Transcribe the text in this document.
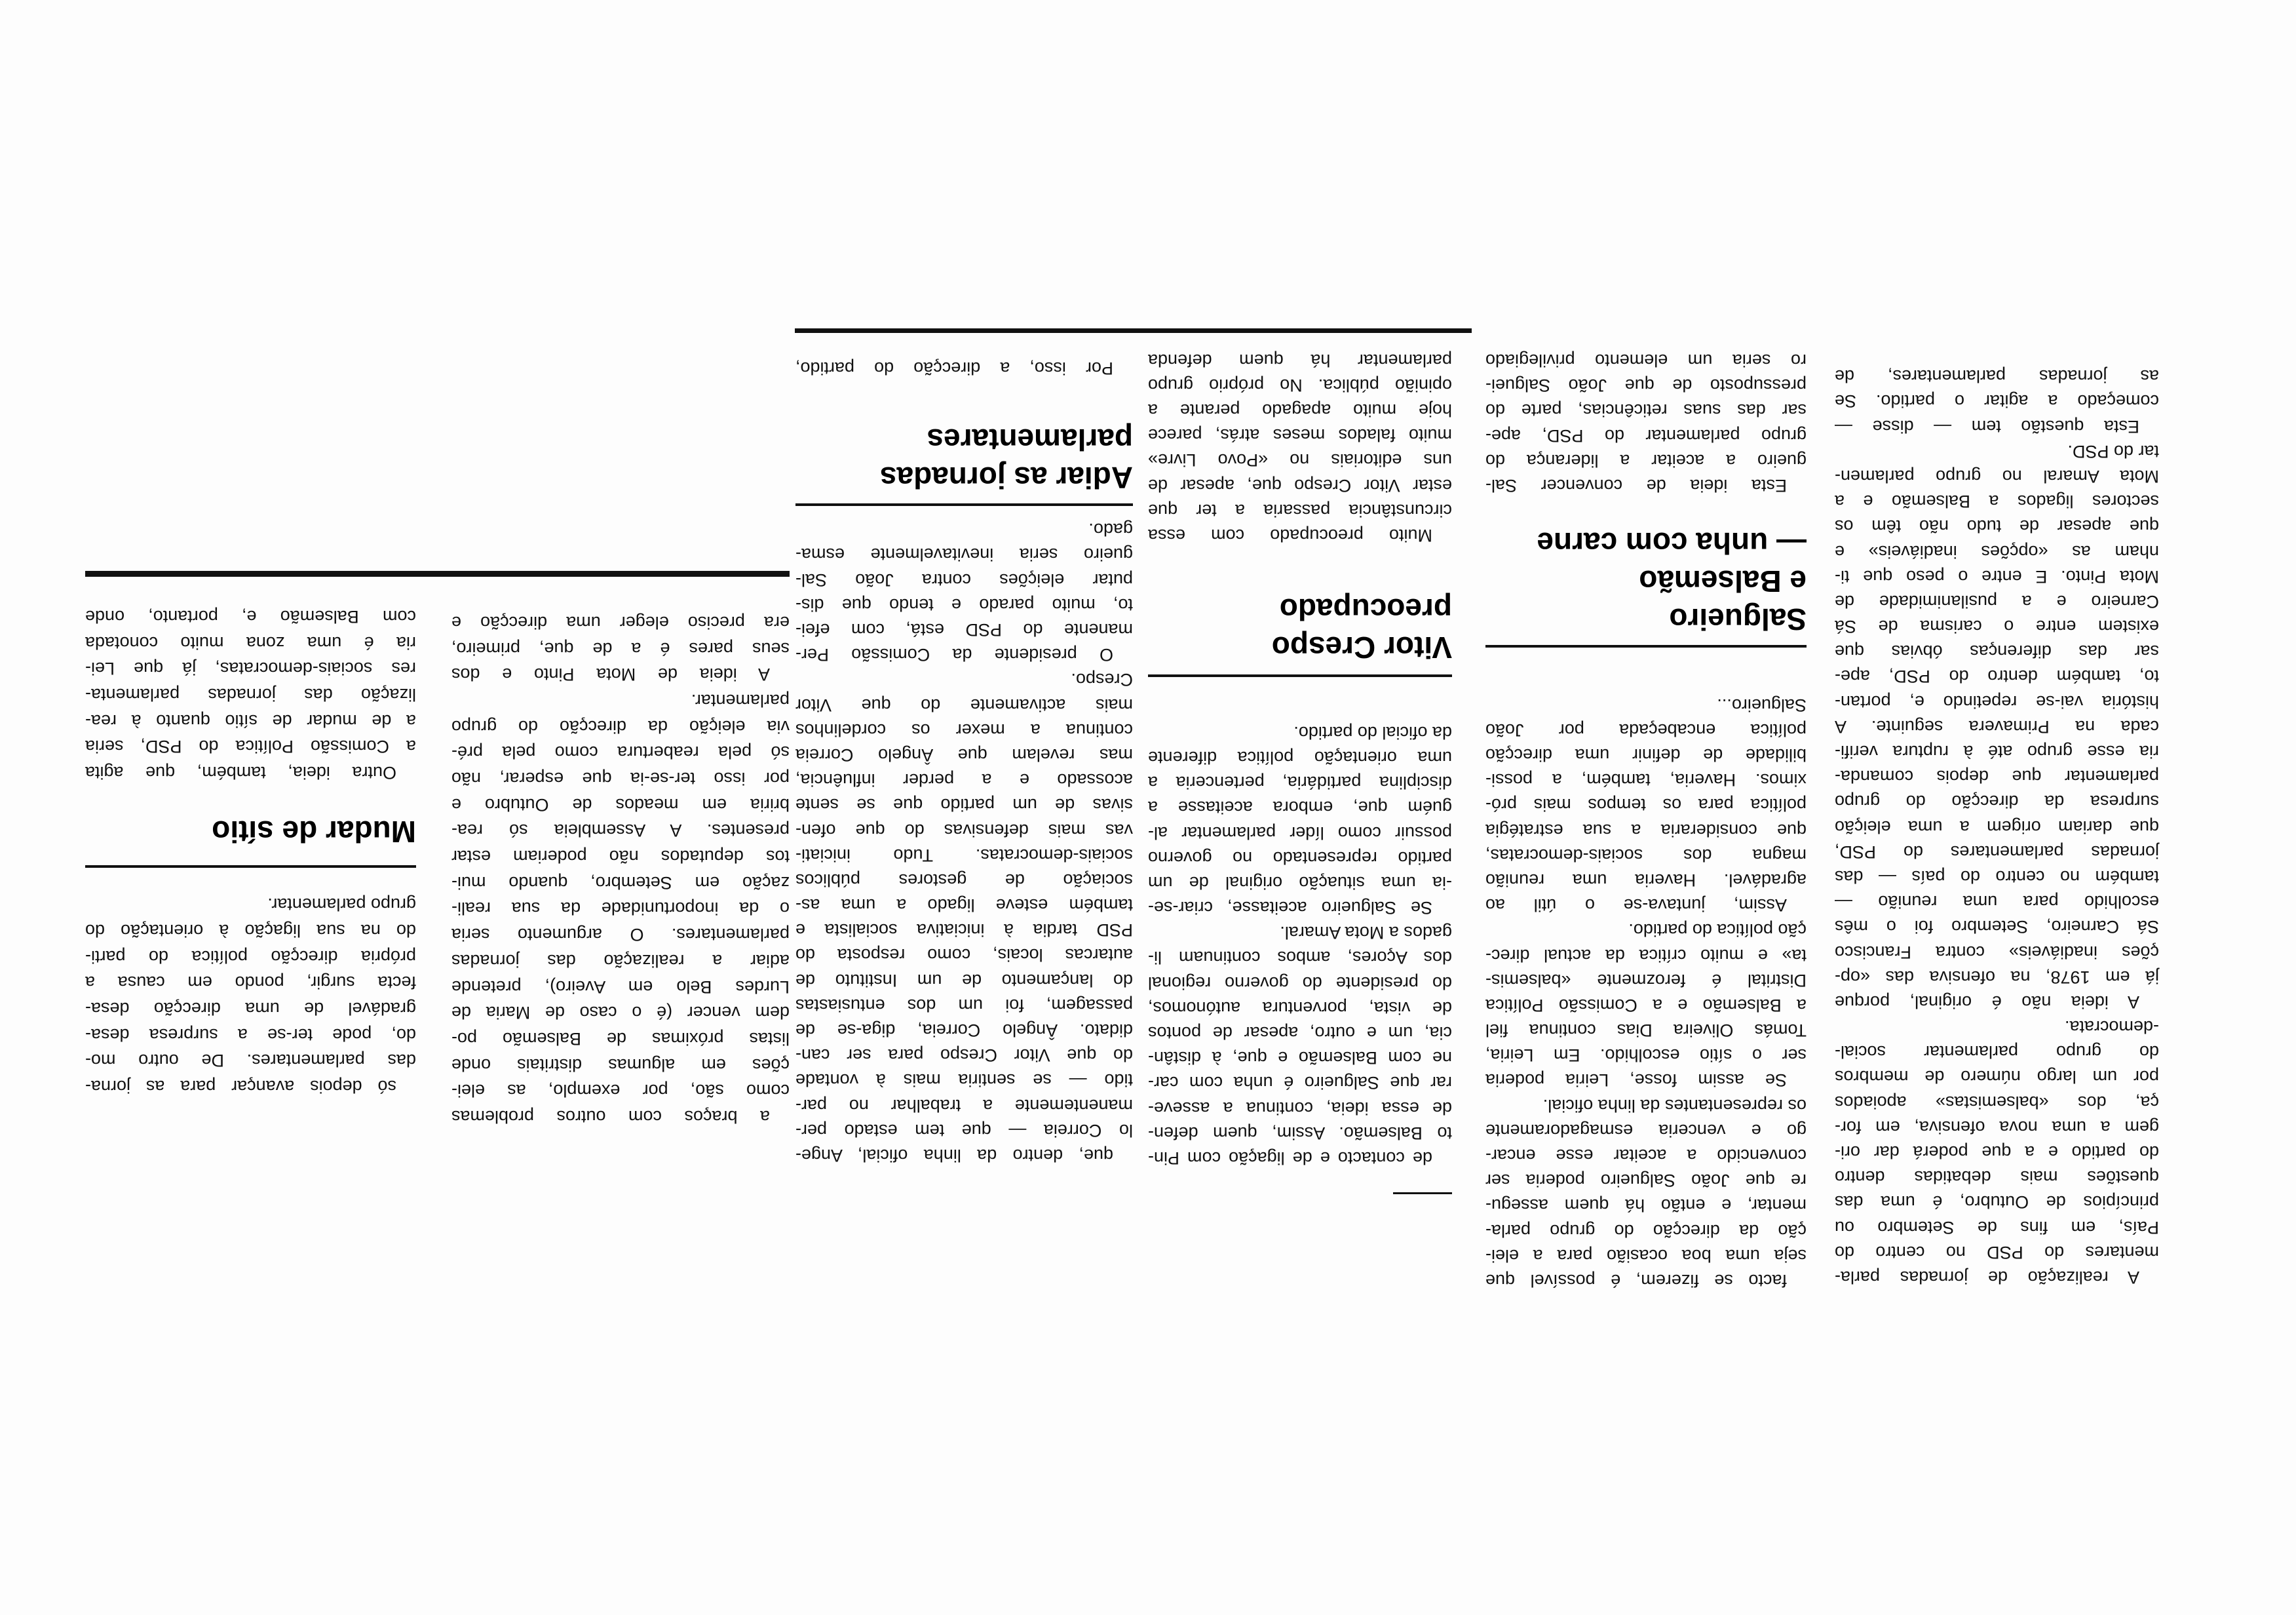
A realização de jornadas parla-
mentares do PSD no centro do
País, em fins de Setembro ou
princípios de Outubro, é uma das
questões mais debatidas dentro
do partido e a que poderá dar ori-
gem a uma nova ofensiva, em for-
ça, dos «balsemistas» apoiados
por um largo número de membros
do grupo parlamentar social-
-democrata.
A ideia não é original, porque
já em 1978, na ofensiva das «op-
ções inadiáveis» contra Francisco
Sá Carneiro, Setembro foi o mês
escolhido para uma reunião —
também no centro do país — das
jornadas parlamentares do PSD,
que dariam origem a uma eleição
surpresa da direcção do grupo
parlamentar que depois comanda-
ria esse grupo até à ruptura verifi-
cada na Primavera seguinte. A
história vai-se repetindo e, portan-
to, também dentro do PSD, ape-
sar das diferenças óbvias que
existem entre o carisma de Sá
Carneiro e a pusilanimidade de
Mota Pinto. E entre o peso que ti-
nham as «opções inadiáveis» e
que apesar de tudo não têm os
sectores ligados a Balsemão e a
Mota Amaral no grupo parlamen-
tar do PSD.
Esta questão tem — disse —
começado a agitar o partido. Se
as jornadas parlamentares, de
facto se fizerem, é possível que
seja uma boa ocasião para a elei-
ção da direcção do grupo parla-
mentar, e então há quem assegu-
re que João Salgueiro poderia ser
convencido a aceitar esse encar-
go e venceria esmagadoramente
os representantes da linha oficial.
Se assim fosse, Leiria poderia
ser o sítio escolhido. Em Leiria,
Tomás Oliveira Dias continua fiel
a Balsemão e a Comissão Política
Distrital é ferozmente «balsemis-
ta» e muito crítica da actual direc-
ção política do partido.
Assim, juntava-se o útil ao
agradável. Haveria uma reunião
magna dos sociais-democratas,
que consideraria a sua estratégia
política para os tempos mais pró-
ximos. Haveria, também, a possi-
bilidade de definir uma direcção
política encabeçada por João
Salgueiro...
Salgueiro
e Balsemão
— unha com carne
Esta ideia de convencer Sal-
gueiro a aceitar a liderança do
grupo parlamentar do PSD, ape-
sar das suas reticências, parte do
pressuposto de que João Salguei-
ro seria um elemento privilegiado
de contacto e de ligação com Pin-
to Balsemão. Assim, quem defen-
de essa ideia, continua a asseve-
rar que Salgueiro é unha com car-
ne com Balsemão e que, à distân-
cia, um e outro, apesar de pontos
de vista, porventura autónomos,
do presidente do governo regional
dos Açores, ambos continuam li-
gados a Mota Amaral.
Se Salgueiro aceitasse, criar-se-
-ia uma situação original de um
partido representado no governo
possuir como líder parlamentar al-
guém que, embora aceitasse a
disciplina partidária, pertenceria a
uma orientação política diferente
da oficial do partido.
Vitor Crespo
preocupado
Muito preocupado com essa
circunstância passaria a ter que
estar Vitor Crespo que, apesar de
uns editoriais no «Povo Livre»
muito falados meses atrás, parece
hoje muito apagado perante a
opinião pública. No próprio grupo
parlamentar há quem defenda
que, dentro da linha oficial, Ange-
lo Correia — que tem estado per-
manentemente a trabalhar no par-
tido — se sentiria mais à vontade
do que Vitor Crespo para ser can-
didato. Ângelo Correia, diga-se de
passagem, foi um dos entusiastas
do lançamento de um Instituto de
autarcas locais, como resposta do
PSD tardia à iniciativa socialista e
também esteve ligado a uma as-
sociação de gestores públicos
sociais-democratas. Tudo iniciati-
vas mais defensivas do que ofen-
sivas de um partido que se sente
acossado e a perder influência,
mas revelam que Ângelo Correia
continua a mexer os cordelinhos
mais activamente do que Vitor
Crespo.
O presidente da Comissão Per-
manente do PSD está, com efei-
to, muito parado e tendo que dis-
putar eleições contra João Sal-
gueiro seria inevitavelmente esma-
gado.
Adiar as jornadas
parlamentares
Por isso, a direcção do partido,
a braços com outros problemas
como são, por exemplo, as elei-
ções em algumas distritais onde
listas próximas de Balsemão po-
dem vencer (é o caso de Maria de
Lurdes Belo em Aveiro), pretende
adiar a realização das jornadas
parlamentares. O argumento seria
o da inoportunidade da sua reali-
zação em Setembro, quando mui-
tos deputados não poderiam estar
presentes. A Assembleia só rea-
briria em meados de Outubro e
por isso ter-se-ia que esperar, não
só pela reabertura como pela pré-
via eleição da direcção do grupo
parlamentar.
A ideia de Mota Pinto e dos
seus pares é a de que, primeiro,
era preciso eleger uma direcção e
só depois avançar para as jorna-
das parlamentares. De outro mo-
do, pode ter-se a surpresa desa-
gradável de uma direcção desa-
fecta surgir, pondo em causa a
própria direcção política do parti-
do na sua ligação à orientação do
grupo parlamentar.
Mudar de sítio
Outra ideia, também, que agita
a Comissão Política do PSD, seria
a de mudar de sítio quanto à rea-
lização das jornadas parlamenta-
res sociais-democratas, já que Lei-
ria é uma zona muito conotada
com Balsemão e, portanto, onde
